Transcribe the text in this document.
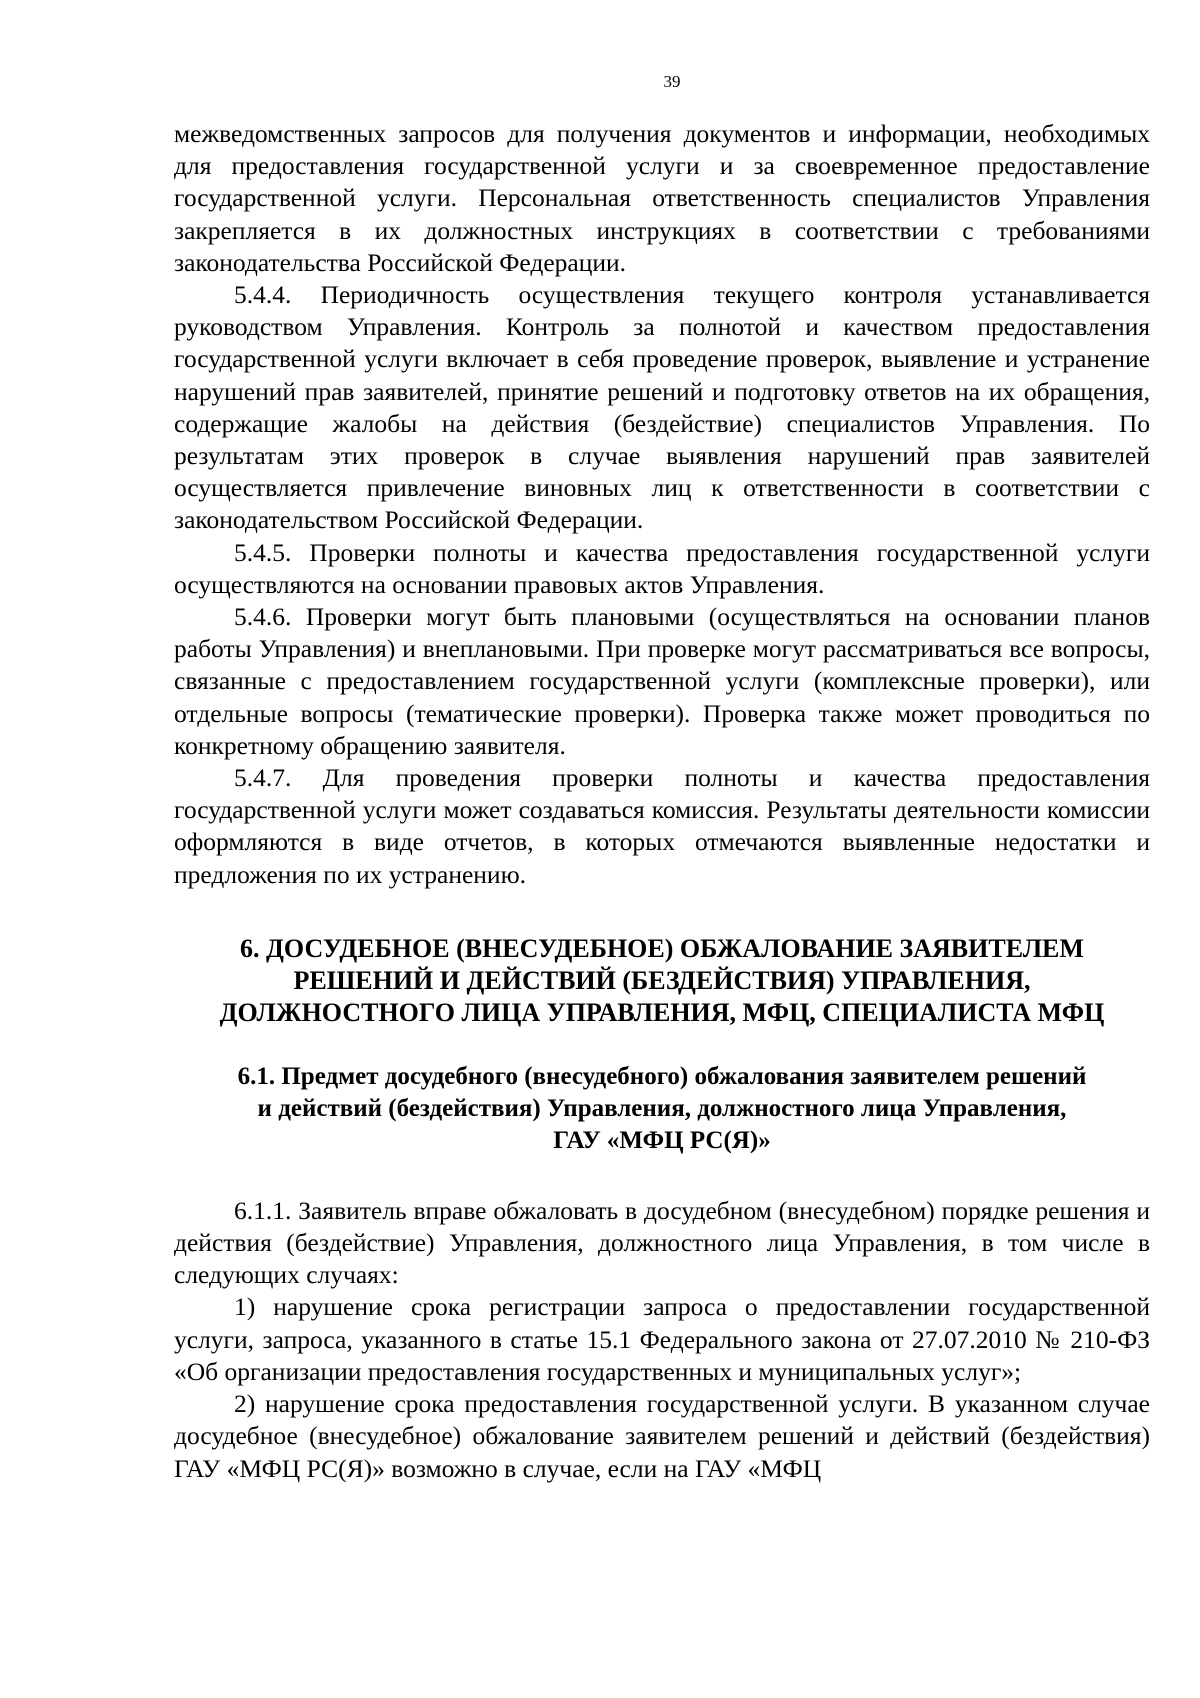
39

межведомственных запросов для получения документов и информации, необходимых для предоставления государственной услуги и за своевременное предоставление государственной услуги. Персональная ответственность специалистов Управления закрепляется в их должностных инструкциях в соответствии с требованиями законодательства Российской Федерации.

5.4.4. Периодичность осуществления текущего контроля устанавливается руководством Управления. Контроль за полнотой и качеством предоставления государственной услуги включает в себя проведение проверок, выявление и устранение нарушений прав заявителей, принятие решений и подготовку ответов на их обращения, содержащие жалобы на действия (бездействие) специалистов Управления. По результатам этих проверок в случае выявления нарушений прав заявителей осуществляется привлечение виновных лиц к ответственности в соответствии с законодательством Российской Федерации.

5.4.5. Проверки полноты и качества предоставления государственной услуги осуществляются на основании правовых актов Управления.

5.4.6. Проверки могут быть плановыми (осуществляться на основании планов работы Управления) и внеплановыми. При проверке могут рассматриваться все вопросы, связанные с предоставлением государственной услуги (комплексные проверки), или отдельные вопросы (тематические проверки). Проверка также может проводиться по конкретному обращению заявителя.

5.4.7. Для проведения проверки полноты и качества предоставления государственной услуги может создаваться комиссия. Результаты деятельности комиссии оформляются в виде отчетов, в которых отмечаются выявленные недостатки и предложения по их устранению.

6. ДОСУДЕБНОЕ (ВНЕСУДЕБНОЕ) ОБЖАЛОВАНИЕ ЗАЯВИТЕЛЕМ
РЕШЕНИЙ И ДЕЙСТВИЙ (БЕЗДЕЙСТВИЯ) УПРАВЛЕНИЯ,
ДОЛЖНОСТНОГО ЛИЦА УПРАВЛЕНИЯ, МФЦ, СПЕЦИАЛИСТА МФЦ
6.1. Предмет досудебного (внесудебного) обжалования заявителем решений
и действий (бездействия) Управления, должностного лица Управления,
ГАУ «МФЦ РС(Я)»

6.1.1. Заявитель вправе обжаловать в досудебном (внесудебном) порядке решения и действия (бездействие) Управления, должностного лица Управления, в том числе в следующих случаях:

1) нарушение срока регистрации запроса о предоставлении государственной услуги, запроса, указанного в статье 15.1 Федерального закона от 27.07.2010 № 210-ФЗ «Об организации предоставления государственных и муниципальных услуг»;

2) нарушение срока предоставления государственной услуги. В указанном случае досудебное (внесудебное) обжалование заявителем решений и действий (бездействия) ГАУ «МФЦ РС(Я)» возможно в случае, если на ГАУ «МФЦ
